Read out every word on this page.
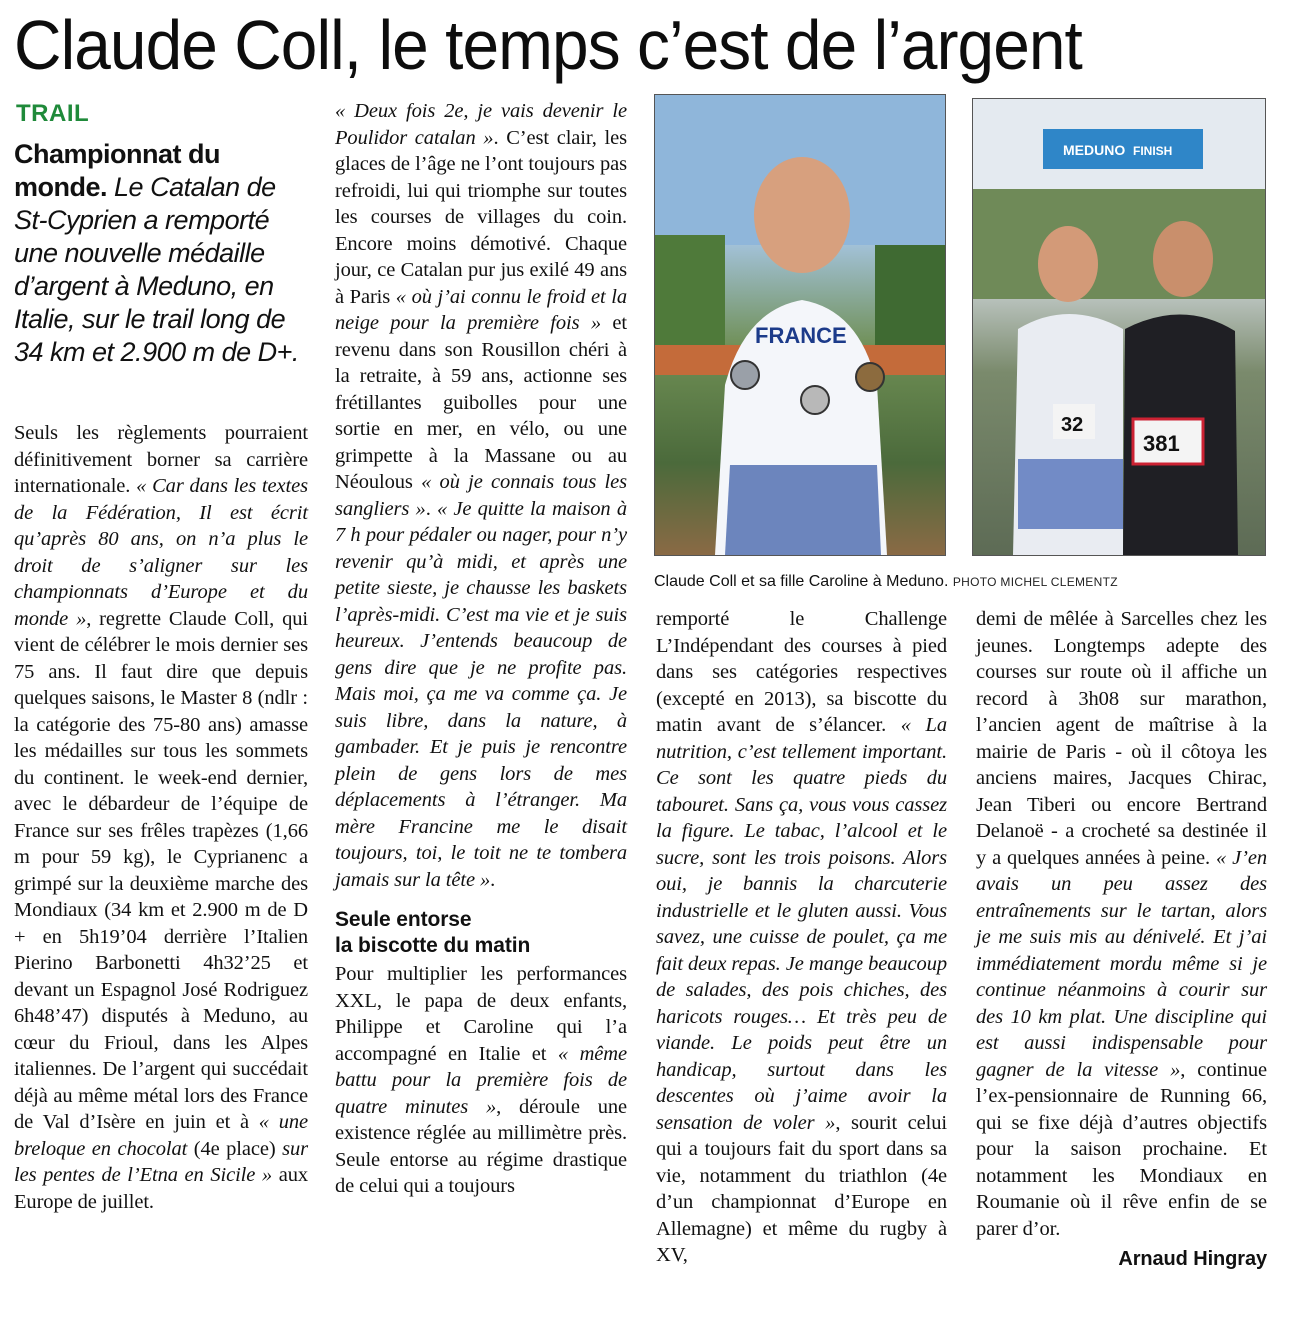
Claude Coll, le temps c’est de l’argent
TRAIL
Championnat du monde. Le Catalan de St-Cyprien a remporté une nouvelle médaille d’argent à Meduno, en Italie, sur le trail long de 34 km et 2.900 m de D+.

Seuls les règlements pourraient définitivement borner sa carrière internationale. « Car dans les textes de la Fédération, Il est écrit qu’après 80 ans, on n’a plus le droit de s’aligner sur les championnats d’Europe et du monde », regrette Claude Coll, qui vient de célébrer le mois dernier ses 75 ans. Il faut dire que depuis quelques saisons, le Master 8 (ndlr : la catégorie des 75-80 ans) amasse les médailles sur tous les sommets du continent. le week-end dernier, avec le débardeur de l’équipe de France sur ses frêles trapèzes (1,66 m pour 59 kg), le Cyprianenc a grimpé sur la deuxième marche des Mondiaux (34 km et 2.900 m de D + en 5h19’04 derrière l’Italien Pierino Barbonetti 4h32’25 et devant un Espagnol José Rodriguez 6h48’47) disputés à Meduno, au cœur du Frioul, dans les Alpes italiennes. De l’argent qui succédait déjà au même métal lors des France de Val d’Isère en juin et à « une breloque en chocolat (4e place) sur les pentes de l’Etna en Sicile » aux Europe de juillet.

« Deux fois 2e, je vais devenir le Poulidor catalan ». C’est clair, les glaces de l’âge ne l’ont toujours pas refroidi, lui qui triomphe sur toutes les courses de villages du coin. Encore moins démotivé. Chaque jour, ce Catalan pur jus exilé 49 ans à Paris « où j’ai connu le froid et la neige pour la première fois » et revenu dans son Rousillon chéri à la retraite, à 59 ans, actionne ses frétillantes guibolles pour une sortie en mer, en vélo, ou une grimpette à la Massane ou au Néoulous « où je connais tous les sangliers ». « Je quitte la maison à 7 h pour pédaler ou nager, pour n’y revenir qu’à midi, et après une petite sieste, je chausse les baskets l’après-midi. C’est ma vie et je suis heureux. J’entends beaucoup de gens dire que je ne profite pas. Mais moi, ça me va comme ça. Je suis libre, dans la nature, à gambader. Et je puis je rencontre plein de gens lors de mes déplacements à l’étranger. Ma mère Francine me le disait toujours, toi, le toit ne te tombera jamais sur la tête ».

Seule entorse
la biscotte du matin

Pour multiplier les performances XXL, le papa de deux enfants, Philippe et Caroline qui l’a accompagné en Italie et « même battu pour la première fois de quatre minutes », déroule une existence réglée au millimètre près. Seule entorse au régime drastique de celui qui a toujours

FRANCE
MEDUNO FINISH
381
32
Claude Coll et sa fille Caroline à Meduno. PHOTO MICHEL CLEMENTZ

remporté le Challenge L’Indépendant des courses à pied dans ses catégories respectives (excepté en 2013), sa biscotte du matin avant de s’élancer. « La nutrition, c’est tellement important. Ce sont les quatre pieds du tabouret. Sans ça, vous vous cassez la figure. Le tabac, l’alcool et le sucre, sont les trois poisons. Alors oui, je bannis la charcuterie industrielle et le gluten aussi. Vous savez, une cuisse de poulet, ça me fait deux repas. Je mange beaucoup de salades, des pois chiches, des haricots rouges… Et très peu de viande. Le poids peut être un handicap, surtout dans les descentes où j’aime avoir la sensation de voler », sourit celui qui a toujours fait du sport dans sa vie, notamment du triathlon (4e d’un championnat d’Europe en Allemagne) et même du rugby à XV,

demi de mêlée à Sarcelles chez les jeunes. Longtemps adepte des courses sur route où il affiche un record à 3h08 sur marathon, l’ancien agent de maîtrise à la mairie de Paris - où il côtoya les anciens maires, Jacques Chirac, Jean Tiberi ou encore Bertrand Delanoë - a crocheté sa destinée il y a quelques années à peine. « J’en avais un peu assez des entraînements sur le tartan, alors je me suis mis au dénivelé. Et j’ai immédiatement mordu même si je continue néanmoins à courir sur des 10 km plat. Une discipline qui est aussi indispensable pour gagner de la vitesse », continue l’ex-pensionnaire de Running 66, qui se fixe déjà d’autres objectifs pour la saison prochaine. Et notamment les Mondiaux en Roumanie où il rêve enfin de se parer d’or.

Arnaud Hingray
